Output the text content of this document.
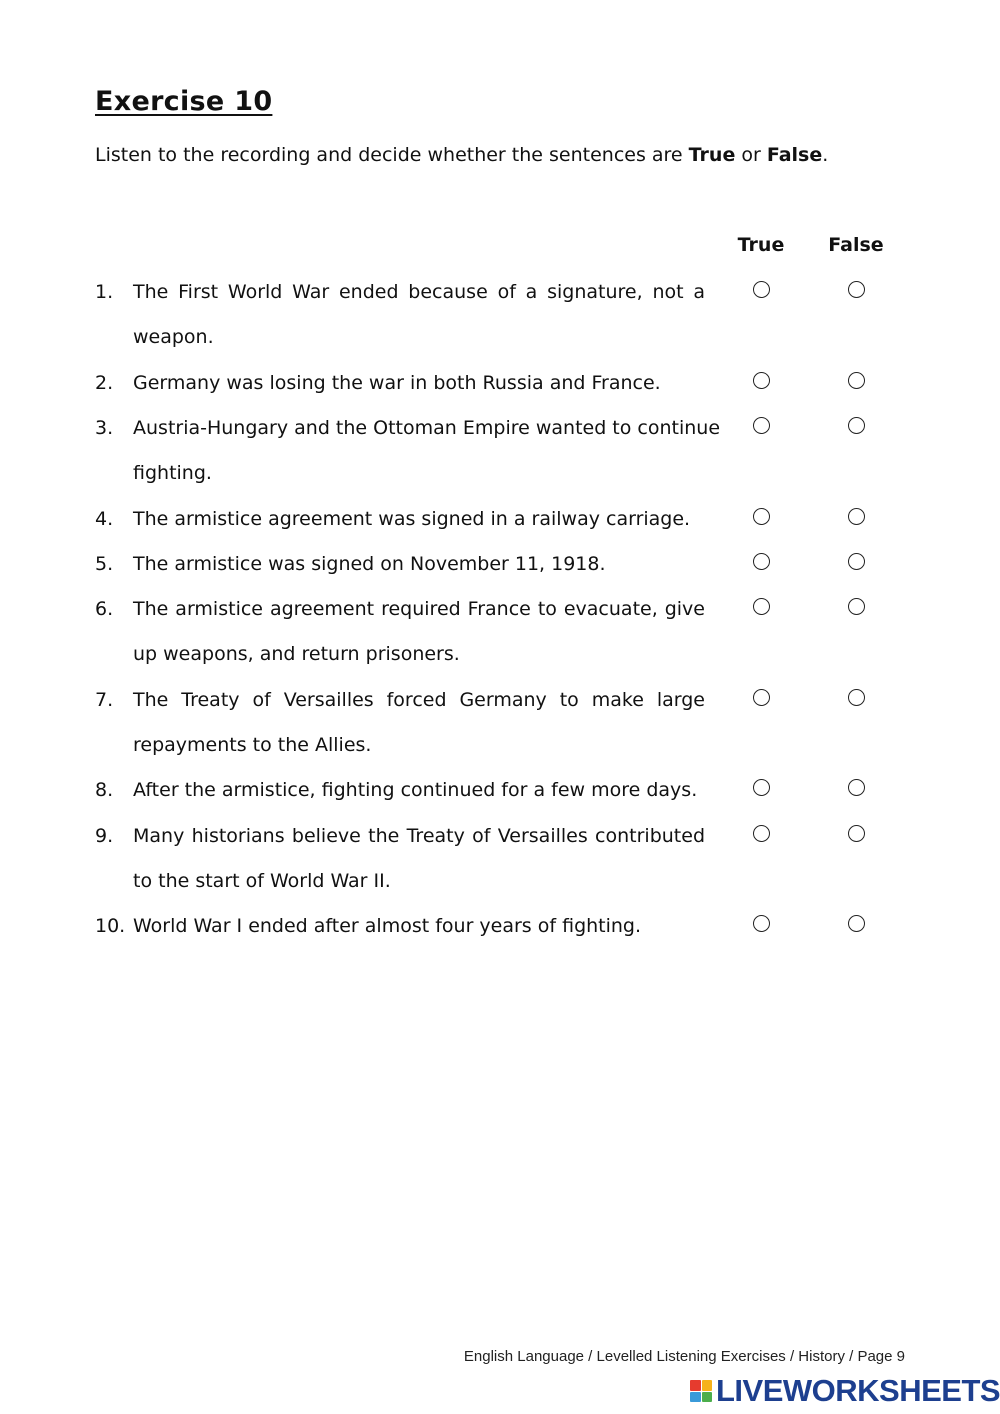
Exercise 10
Listen to the recording and decide whether the sentences are True or False.
True	False
1. The First World War ended because of a signature, not a
weapon.
2. Germany was losing the war in both Russia and France.
3. Austria-Hungary and the Ottoman Empire wanted to continue
fighting.
4. The armistice agreement was signed in a railway carriage.
5. The armistice was signed on November 11, 1918.
6. The armistice agreement required France to evacuate, give
up weapons, and return prisoners.
7. The Treaty of Versailles forced Germany to make large
repayments to the Allies.
8. After the armistice, fighting continued for a few more days.
9. Many historians believe the Treaty of Versailles contributed
to the start of World War II.
10. World War I ended after almost four years of fighting.
English Language / Levelled Listening Exercises / History / Page 9
LIVEWORKSHEETS
